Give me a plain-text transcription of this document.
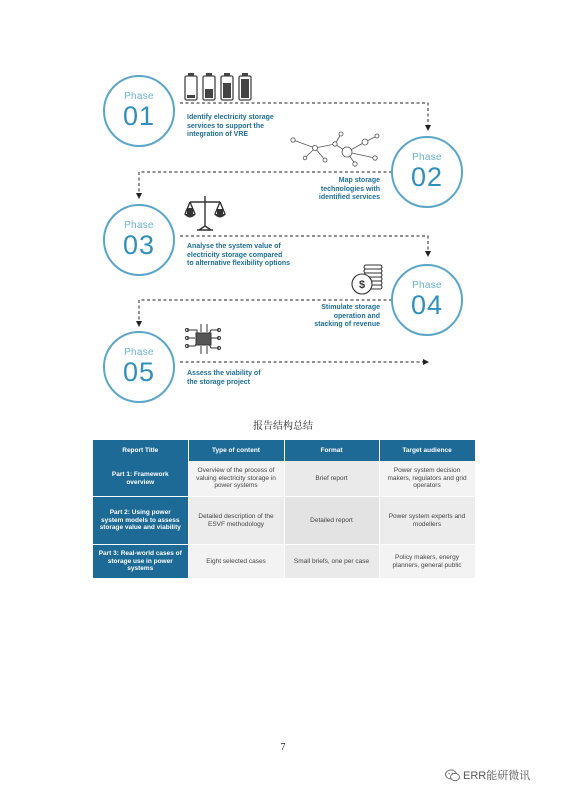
Phase
01	Identify electricity storage
services to support the
integration of VRE
Phase
02
Map storage
technologies with
identified services
Phase
03	Analyse the system value of
electricity storage compared
to alternative flexibility options
Phase
04
Stimulate storage
operation and
stacking of revenue
$
Phase
05	Assess the viability of
the storage project
报告结构总结
Report Title	Type of content	Format	Target audience
Part 1: Framework overview	Overview of the process of valuing electricity storage in power systems	Brief report	Power system decision makers, regulators and grid operators
Part 2: Using power system models to assess storage value and viability	Detailed description of the ESVF methodology	Detailed report	Power system experts and modellers
Part 3: Real-world cases of storage use in power systems	Eight selected cases	Small briefs, one per case	Policy makers, energy planners, general public
7
ERR能研微讯
